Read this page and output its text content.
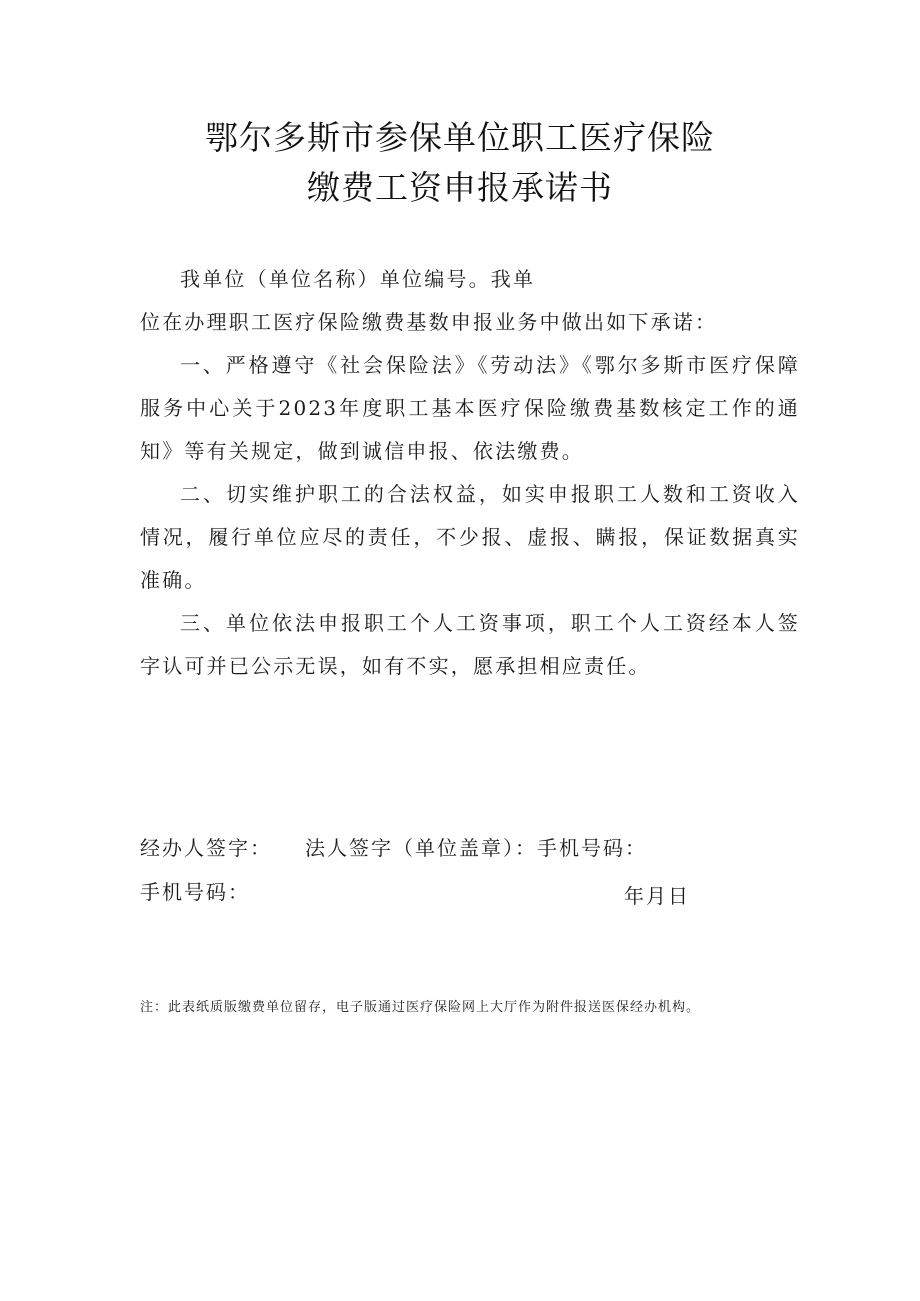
鄂尔多斯市参保单位职工医疗保险
缴费工资申报承诺书

我单位（单位名称）单位编号。我单
位在办理职工医疗保险缴费基数申报业务中做出如下承诺：

一、严格遵守《社会保险法》《劳动法》《鄂尔多斯市医疗保障服务中心关于2023年度职工基本医疗保险缴费基数核定工作的通知》等有关规定，做到诚信申报、依法缴费。

二、切实维护职工的合法权益，如实申报职工人数和工资收入情况，履行单位应尽的责任，不少报、虚报、瞒报，保证数据真实准确。

三、单位依法申报职工个人工资事项，职工个人工资经本人签字认可并已公示无误，如有不实，愿承担相应责任。

经办人签字： 法人签字（单位盖章）：手机号码：
手机号码：	年月日
注：此表纸质版缴费单位留存，电子版通过医疗保险网上大厅作为附件报送医保经办机构。
